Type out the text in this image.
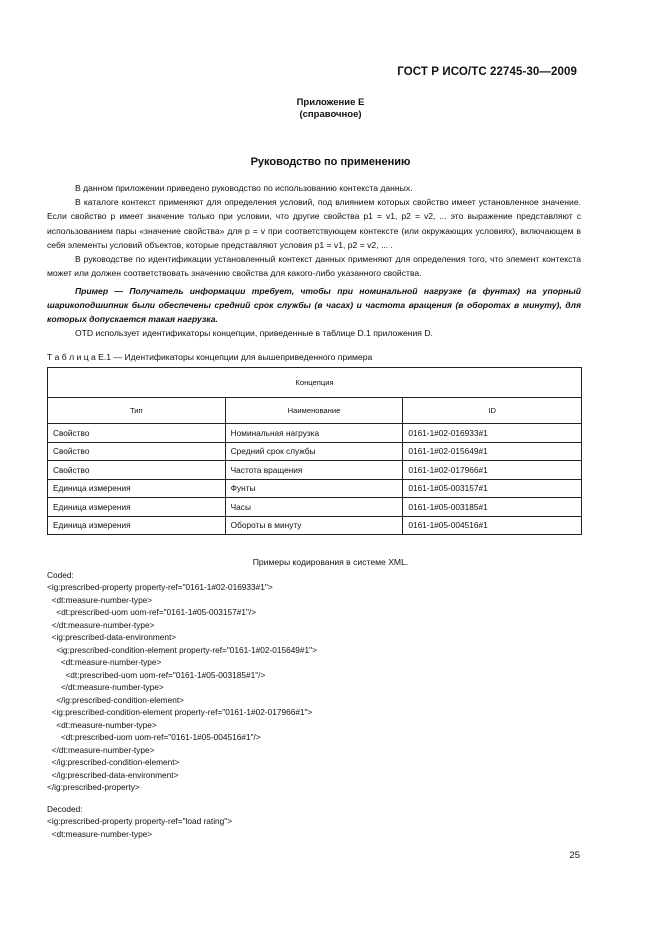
ГОСТ Р ИСО/ТС 22745-30—2009
Приложение Е
(справочное)
Руководство по применению

В данном приложении приведено руководство по использованию контекста данных.

В каталоге контекст применяют для определения условий, под влиянием которых свойство имеет установленное значение. Если свойство p имеет значение только при условии, что другие свойства p1 = v1, p2 = v2, ... это выражение представляют с использованием пары «значение свойства» для p = v при соответствующем контексте (или окружающих условиях), включающем в себя элементы условий объектов, которые представляют условия p1 = v1, p2 = v2, ... .

В руководстве по идентификации установленный контекст данных применяют для определения того, что элемент контекста может или должен соответствовать значению свойства для какого-либо указанного свойства.

Пример — Получатель информации требует, чтобы при номинальной нагрузке (в фунтах) на упорный шарикоподшипник были обеспечены средний срок службы (в часах) и частота вращения (в оборотах в минуту), для которых допускается такая нагрузка.

OTD использует идентификаторы концепции, приведенные в таблице D.1 приложения D.

Т а б л и ц а Е.1 — Идентификаторы концепции для вышеприведенного примера
Концепция		
Тип	Наименование	ID
Свойство	Номинальная нагрузка	0161-1#02-016933#1
Свойство	Средний срок службы	0161-1#02-015649#1
Свойство	Частота вращения	0161-1#02-017966#1
Единица измерения	Фунты	0161-1#05-003157#1
Единица измерения	Часы	0161-1#05-003185#1
Единица измерения	Обороты в минуту	0161-1#05-004516#1
Примеры кодирования в системе XML.
Coded:
<ig:prescribed-property property-ref="0161-1#02-016933#1">
<dt:measure-number-type>
<dt:prescribed-uom uom-ref="0161-1#05-003157#1"/>
</dt:measure-number-type>
<ig:prescribed-data-environment>
<ig:prescribed-condition-element property-ref="0161-1#02-015649#1">
<dt:measure-number-type>
<dt:prescribed-uom uom-ref="0161-1#05-003185#1"/>
</dt:measure-number-type>
</ig:prescribed-condition-element>
<ig:prescribed-condition-element property-ref="0161-1#02-017966#1">
<dt:measure-number-type>
<dt:prescribed-uom uom-ref="0161-1#05-004516#1"/>
</dt:measure-number-type>
</ig:prescribed-condition-element>
</ig:prescribed-data-environment>
</ig:prescribed-property>
Decoded:
<ig:prescribed-property property-ref="load rating">
<dt:measure-number-type>
25
